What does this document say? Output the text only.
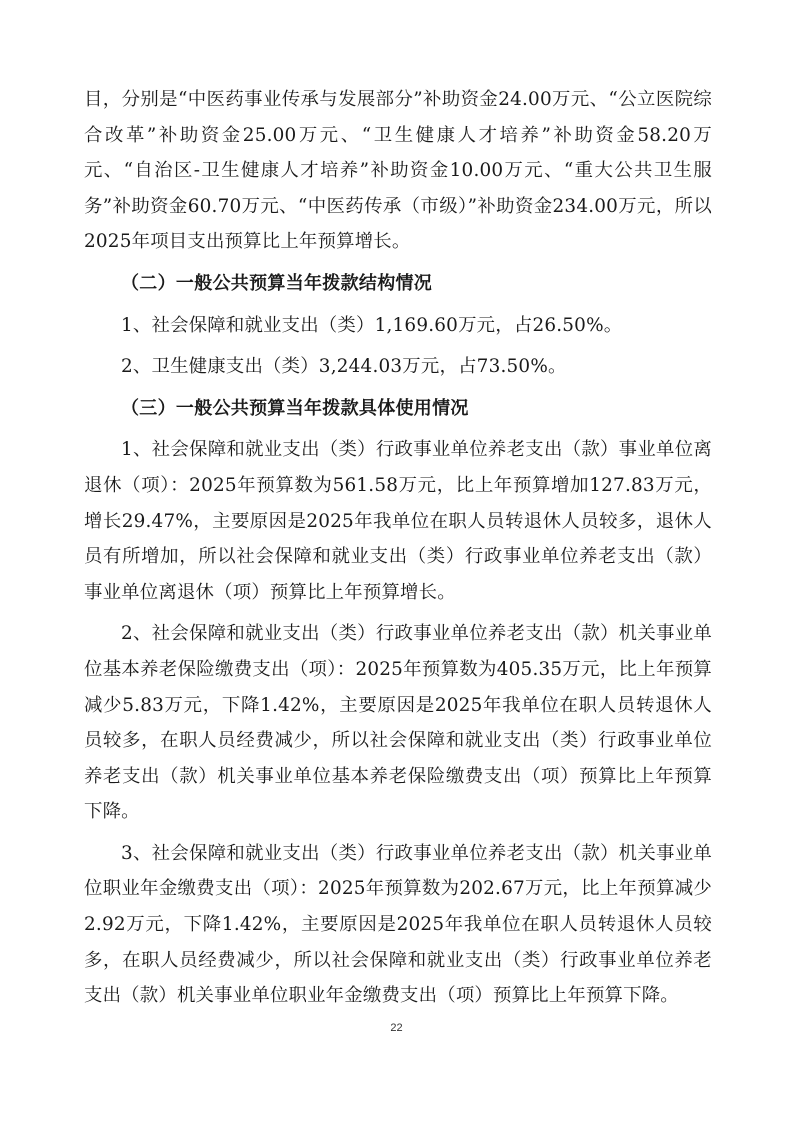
目，分别是“中医药事业传承与发展部分”补助资金24.00万元、“公立医院综合改革”补助资金25.00万元、“卫生健康人才培养”补助资金58.20万元、“自治区-卫生健康人才培养”补助资金10.00万元、“重大公共卫生服务”补助资金60.70万元、“中医药传承（市级）”补助资金234.00万元，所以2025年项目支出预算比上年预算增长。

（二）一般公共预算当年拨款结构情况

1、社会保障和就业支出（类）1,169.60万元，占26.50%。

2、卫生健康支出（类）3,244.03万元，占73.50%。

（三）一般公共预算当年拨款具体使用情况

1、社会保障和就业支出（类）行政事业单位养老支出（款）事业单位离退休（项）：2025年预算数为561.58万元，比上年预算增加127.83万元，增长29.47%，主要原因是2025年我单位在职人员转退休人员较多，退休人员有所增加，所以社会保障和就业支出（类）行政事业单位养老支出（款）事业单位离退休（项）预算比上年预算增长。

2、社会保障和就业支出（类）行政事业单位养老支出（款）机关事业单位基本养老保险缴费支出（项）：2025年预算数为405.35万元，比上年预算减少5.83万元，下降1.42%，主要原因是2025年我单位在职人员转退休人员较多，在职人员经费减少，所以社会保障和就业支出（类）行政事业单位养老支出（款）机关事业单位基本养老保险缴费支出（项）预算比上年预算下降。

3、社会保障和就业支出（类）行政事业单位养老支出（款）机关事业单位职业年金缴费支出（项）：2025年预算数为202.67万元，比上年预算减少2.92万元，下降1.42%，主要原因是2025年我单位在职人员转退休人员较多，在职人员经费减少，所以社会保障和就业支出（类）行政事业单位养老支出（款）机关事业单位职业年金缴费支出（项）预算比上年预算下降。

22
